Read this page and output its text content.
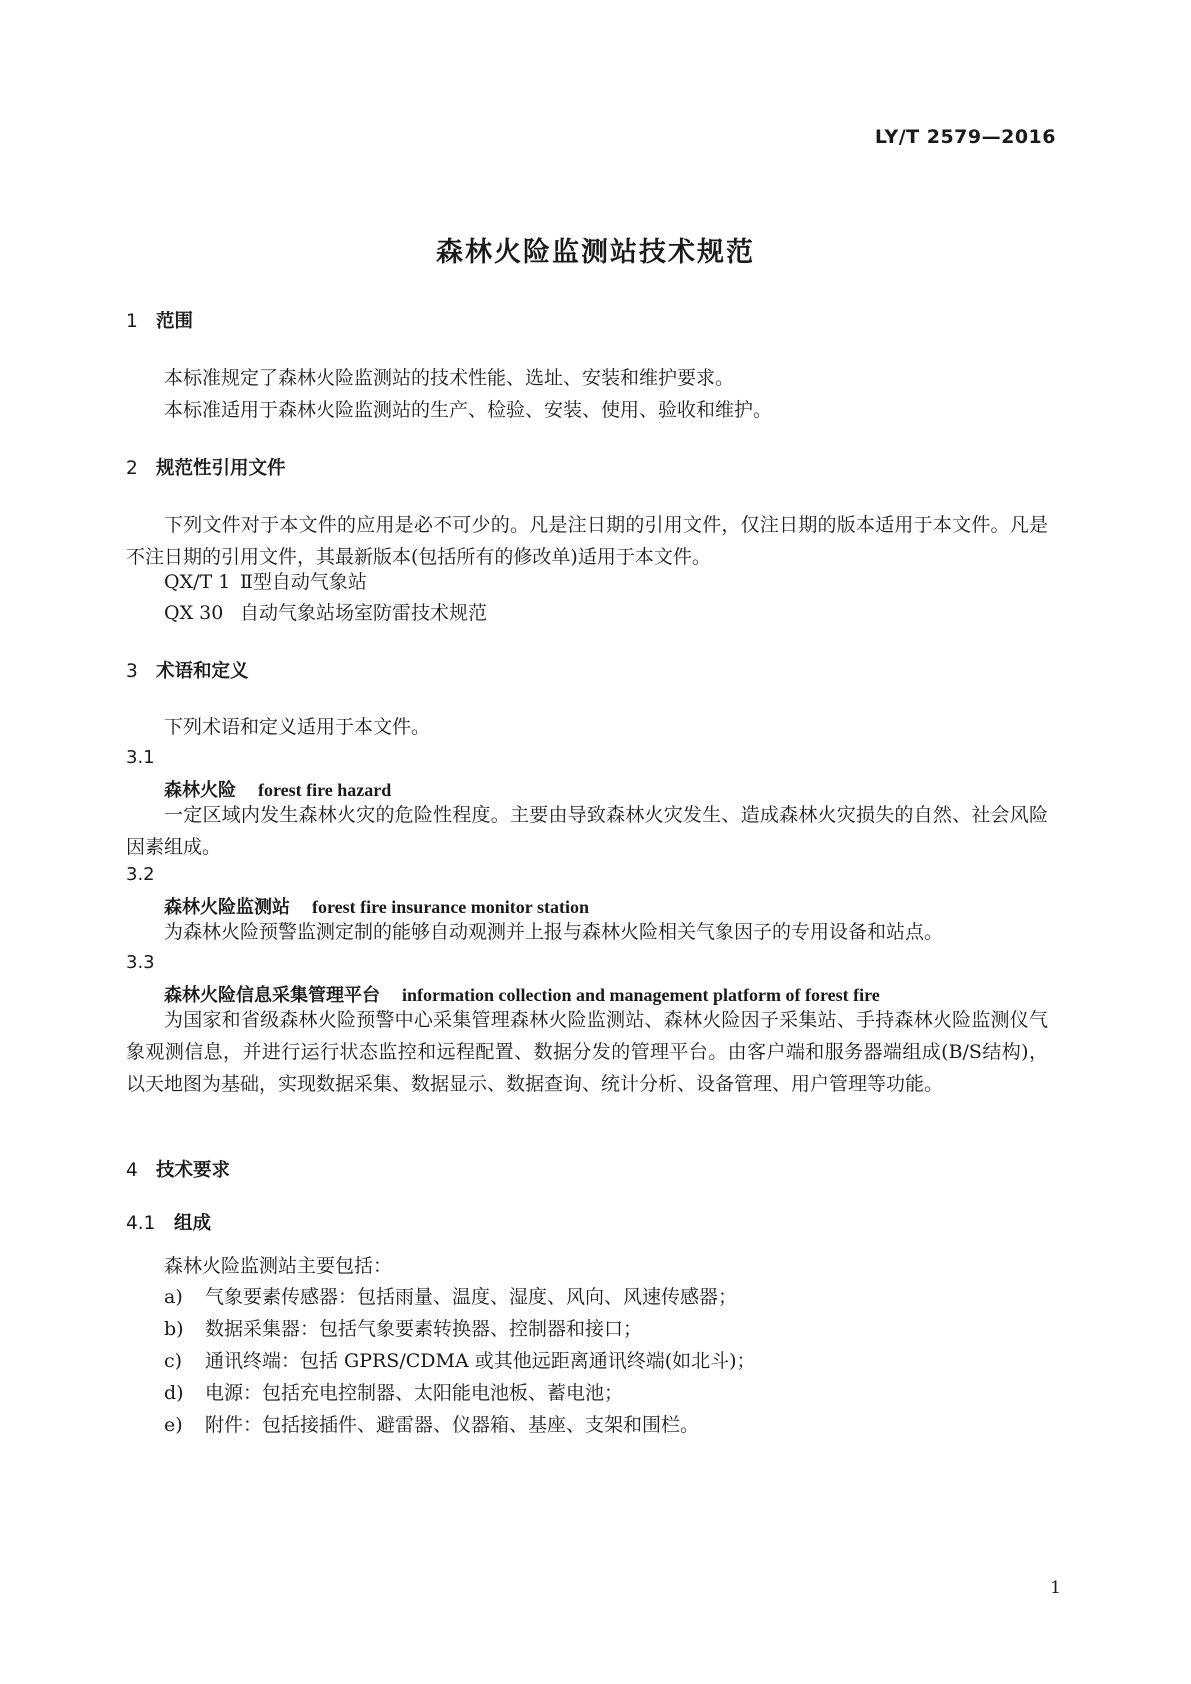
LY/T 2579—2016
森林火险监测站技术规范
1 范围
本标准规定了森林火险监测站的技术性能、选址、安装和维护要求。
本标准适用于森林火险监测站的生产、检验、安装、使用、验收和维护。
2 规范性引用文件
下列文件对于本文件的应用是必不可少的。凡是注日期的引用文件，仅注日期的版本适用于本文件。凡是不注日期的引用文件，其最新版本(包括所有的修改单)适用于本文件。
QX/T 1 Ⅱ型自动气象站
QX 30 自动气象站场室防雷技术规范
3 术语和定义
下列术语和定义适用于本文件。
3.1
森林火险 forest fire hazard
一定区域内发生森林火灾的危险性程度。主要由导致森林火灾发生、造成森林火灾损失的自然、社会风险因素组成。
3.2
森林火险监测站 forest fire insurance monitor station
为森林火险预警监测定制的能够自动观测并上报与森林火险相关气象因子的专用设备和站点。
3.3
森林火险信息采集管理平台 information collection and management platform of forest fire
为国家和省级森林火险预警中心采集管理森林火险监测站、森林火险因子采集站、手持森林火险监测仪气象观测信息，并进行运行状态监控和远程配置、数据分发的管理平台。由客户端和服务器端组成(B/S结构)，以天地图为基础，实现数据采集、数据显示、数据查询、统计分析、设备管理、用户管理等功能。
4 技术要求
4.1 组成
森林火险监测站主要包括：
a) 气象要素传感器：包括雨量、温度、湿度、风向、风速传感器；
b) 数据采集器：包括气象要素转换器、控制器和接口；
c) 通讯终端：包括 GPRS/CDMA 或其他远距离通讯终端(如北斗)；
d) 电源：包括充电控制器、太阳能电池板、蓄电池；
e) 附件：包括接插件、避雷器、仪器箱、基座、支架和围栏。
1
